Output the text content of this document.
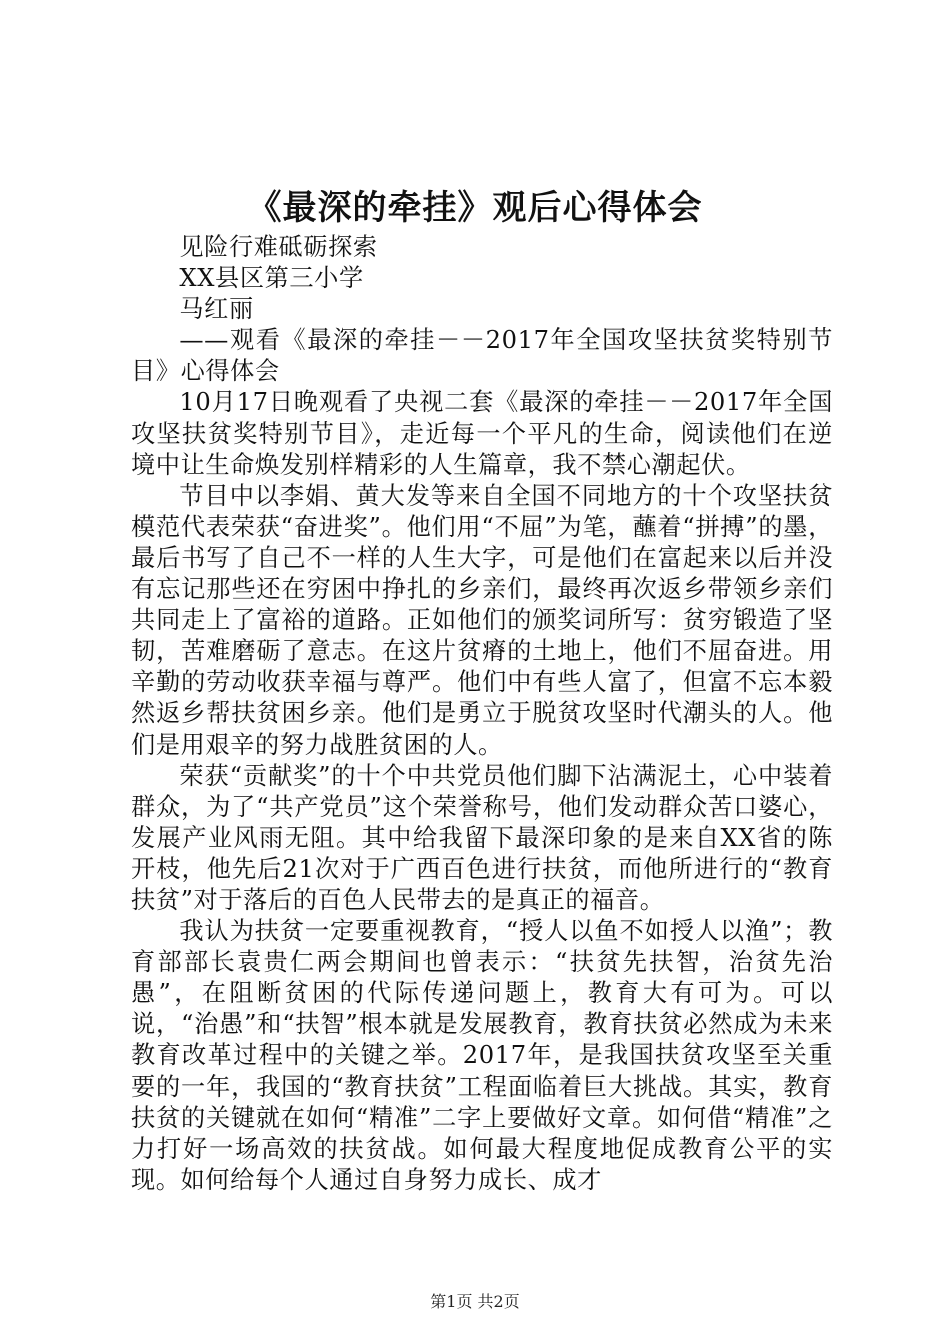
《最深的牵挂》观后心得体会

见险行难砥砺探索

XX县区第三小学

马红丽

——观看《最深的牵挂－－2017年全国攻坚扶贫奖特别节目》心得体会

10月17日晚观看了央视二套《最深的牵挂－－2017年全国攻坚扶贫奖特别节目》，走近每一个平凡的生命，阅读他们在逆境中让生命焕发别样精彩的人生篇章，我不禁心潮起伏。

节目中以李娟、黄大发等来自全国不同地方的十个攻坚扶贫模范代表荣获“奋进奖”。他们用“不屈”为笔，蘸着“拼搏”的墨，最后书写了自己不一样的人生大字，可是他们在富起来以后并没有忘记那些还在穷困中挣扎的乡亲们，最终再次返乡带领乡亲们共同走上了富裕的道路。正如他们的颁奖词所写：贫穷锻造了坚韧，苦难磨砺了意志。在这片贫瘠的土地上，他们不屈奋进。用辛勤的劳动收获幸福与尊严。他们中有些人富了，但富不忘本毅然返乡帮扶贫困乡亲。他们是勇立于脱贫攻坚时代潮头的人。他们是用艰辛的努力战胜贫困的人。

荣获“贡献奖”的十个中共党员他们脚下沾满泥土，心中装着群众，为了“共产党员”这个荣誉称号，他们发动群众苦口婆心，发展产业风雨无阻。其中给我留下最深印象的是来自XX省的陈开枝，他先后21次对于广西百色进行扶贫，而他所进行的“教育扶贫”对于落后的百色人民带去的是真正的福音。

我认为扶贫一定要重视教育，“授人以鱼不如授人以渔”；教育部部长袁贵仁两会期间也曾表示：“扶贫先扶智，治贫先治愚”，在阻断贫困的代际传递问题上，教育大有可为。可以说，“治愚”和“扶智”根本就是发展教育，教育扶贫必然成为未来教育改革过程中的关键之举。2017年，是我国扶贫攻坚至关重要的一年，我国的“教育扶贫”工程面临着巨大挑战。其实，教育扶贫的关键就在如何“精准”二字上要做好文章。如何借“精准”之力打好一场高效的扶贫战。如何最大程度地促成教育公平的实现。如何给每个人通过自身努力成长、成才

第1页 共2页
